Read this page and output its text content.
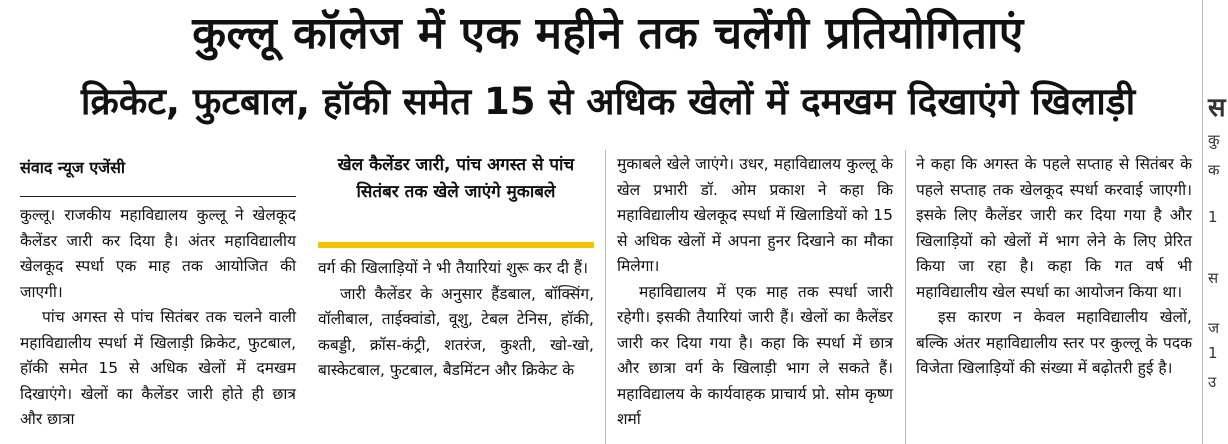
कुल्लू कॉलेज में एक महीने तक चलेंगी प्रतियोगिताएं
क्रिकेट, फुटबाल, हॉकी समेत 15 से अधिक खेलों में दमखम दिखाएंगे खिलाड़ी
संवाद न्यूज एजेंसी

कुल्लू। राजकीय महाविद्यालय कुल्लू ने खेलकूद कैलेंडर जारी कर दिया है। अंतर महाविद्यालीय खेलकूद स्पर्धा एक माह तक आयोजित की जाएगी।

पांच अगस्त से पांच सितंबर तक चलने वाली महाविद्यालीय स्पर्धा में खिलाड़ी क्रिकेट, फुटबाल, हॉकी समेत 15 से अधिक खेलों में दमखम दिखाएंगे। खेलों का कैलेंडर जारी होते ही छात्र और छात्रा

खेल कैलेंडर जारी, पांच अगस्त से पांच सितंबर तक खेले जाएंगे मुकाबले

वर्ग की खिलाड़ियों ने भी तैयारियां शुरू कर दी हैं।

जारी कैलेंडर के अनुसार हैंडबाल, बॉक्सिंग, वॉलीबाल, ताईक्वांडो, वूशु, टेबल टेनिस, हॉकी, कबड्डी, क्रॉस-कंट्री, शतरंज, कुश्ती, खो-खो, बास्केटबाल, फुटबाल, बैडमिंटन और क्रिकेट के

मुकाबले खेले जाएंगे। उधर, महाविद्यालय कुल्लू के खेल प्रभारी डॉ. ओम प्रकाश ने कहा कि महाविद्यालीय खेलकूद स्पर्धा में खिलाडियों को 15 से अधिक खेलों में अपना हुनर दिखाने का मौका मिलेगा।

महाविद्यालय में एक माह तक स्पर्धा जारी रहेगी। इसकी तैयारियां जारी हैं। खेलों का कैलेंडर जारी कर दिया गया है। कहा कि स्पर्धा में छात्र और छात्रा वर्ग के खिलाड़ी भाग ले सकते हैं। महाविद्यालय के कार्यवाहक प्राचार्य प्रो. सोम कृष्ण शर्मा

ने कहा कि अगस्त के पहले सप्ताह से सितंबर के पहले सप्ताह तक खेलकूद स्पर्धा करवाई जाएगी। इसके लिए कैलेंडर जारी कर दिया गया है और खिलाड़ियों को खेलों में भाग लेने के लिए प्रेरित किया जा रहा है। कहा कि गत वर्ष भी महाविद्यालीय खेल स्पर्धा का आयोजन किया था।

इस कारण न केवल महाविद्यालीय खेलों, बल्कि अंतर महाविद्यालीय स्तर पर कुल्लू के पदक विजेता खिलाड़ियों की संख्या में बढ़ोतरी हुई है।

स
कु
क
1
स
ज
1
उ
